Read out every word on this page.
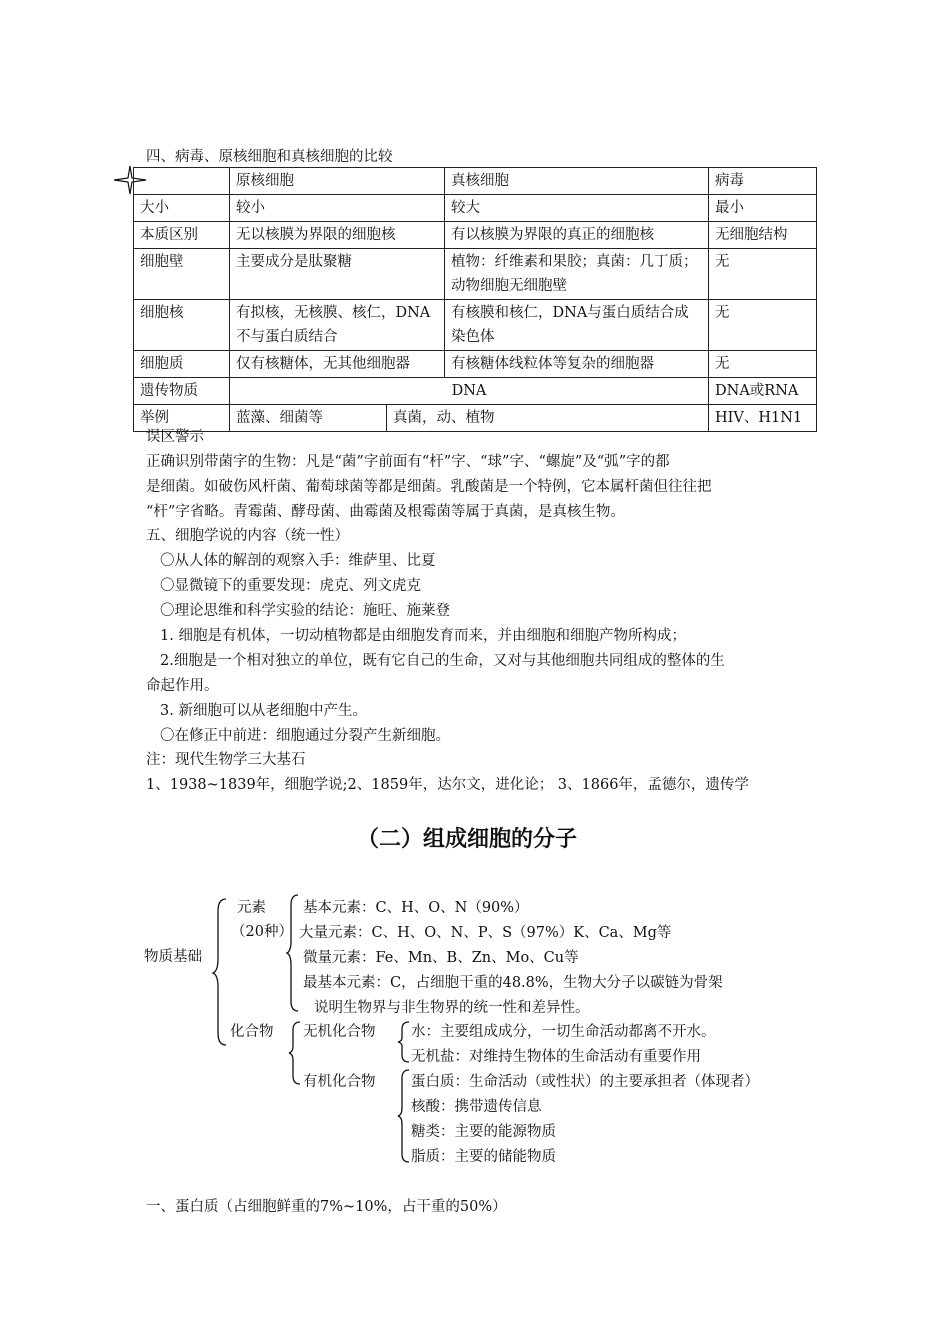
四、病毒、原核细胞和真核细胞的比较
	原核细胞		真核细胞	病毒
大小	较小		较大	最小
本质区别	无以核膜为界限的细胞核		有以核膜为界限的真正的细胞核	无细胞结构
细胞壁	主要成分是肽聚糖		植物：纤维素和果胶；真菌：几丁质；动物细胞无细胞壁	无
细胞核	有拟核，无核膜、核仁，DNA不与蛋白质结合		有核膜和核仁，DNA与蛋白质结合成染色体	无
细胞质	仅有核糖体，无其他细胞器		有核糖体线粒体等复杂的细胞器	无
遗传物质	DNA			DNA或RNA
举例	蓝藻、细菌等	真菌，动、植物		HIV、H1N1
误区警示
正确识别带菌字的生物：凡是“菌”字前面有“杆”字、“球”字、“螺旋”及“弧”字的都
是细菌。如破伤风杆菌、葡萄球菌等都是细菌。乳酸菌是一个特例，它本属杆菌但往往把
“杆”字省略。青霉菌、酵母菌、曲霉菌及根霉菌等属于真菌，是真核生物。
五、细胞学说的内容（统一性）
〇从人体的解剖的观察入手：维萨里、比夏
〇显微镜下的重要发现：虎克、列文虎克
〇理论思维和科学实验的结论：施旺、施莱登
1. 细胞是有机体，一切动植物都是由细胞发育而来，并由细胞和细胞产物所构成；
2.细胞是一个相对独立的单位，既有它自己的生命，又对与其他细胞共同组成的整体的生
命起作用。
3. 新细胞可以从老细胞中产生。
〇在修正中前进：细胞通过分裂产生新细胞。
注：现代生物学三大基石
1、1938~1839年，细胞学说;2、1859年，达尔文，进化论； 3、1866年，孟德尔，遗传学
（二）组成细胞的分子
物质基础
元素
（20种）
基本元素：C、H、O、N（90%）
大量元素：C、H、O、N、P、S（97%）K、Ca、Mg等
微量元素：Fe、Mn、B、Zn、Mo、Cu等
最基本元素：C，占细胞干重的48.8%，生物大分子以碳链为骨架
说明生物界与非生物界的统一性和差异性。
化合物 无机化合物 水：主要组成成分，一切生命活动都离不开水。
无机盐：对维持生物体的生命活动有重要作用
有机化合物 蛋白质：生命活动（或性状）的主要承担者（体现者）
核酸：携带遗传信息
糖类：主要的能源物质
脂质：主要的储能物质
一、蛋白质（占细胞鲜重的7%~10%，占干重的50%）
